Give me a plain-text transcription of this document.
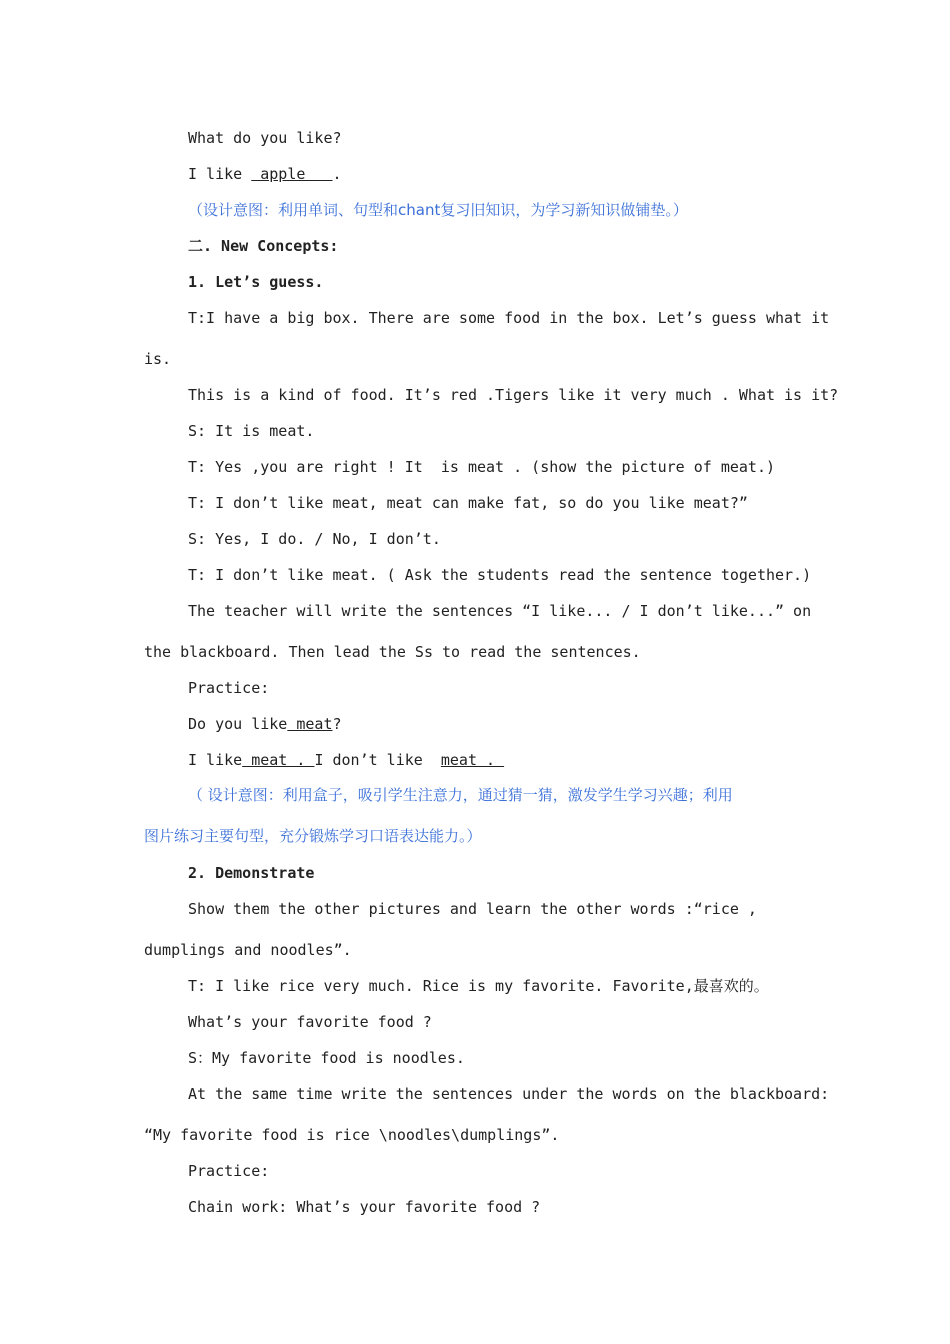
What do you like?
I like  apple   .
（设计意图：利用单词、句型和chant复习旧知识，为学习新知识做铺垫。）
二. New Concepts:
1. Let’s guess.
T:I have a big box. There are some food in the box. Let’s guess what it
is.
This is a kind of food. It’s red .Tigers like it very much . What is it?
S: It is meat.
T: Yes ,you are right ! It  is meat . (show the picture of meat.)
T: I don’t like meat, meat can make fat, so do you like meat?”
S: Yes, I do. / No, I don’t.
T: I don’t like meat. ( Ask the students read the sentence together.)
The teacher will write the sentences “I like... / I don’t like...” on
the blackboard. Then lead the Ss to read the sentences.
Practice:
Do you like meat?
I like meat . I don’t like  meat .
（ 设计意图：利用盒子，吸引学生注意力，通过猜一猜，激发学生学习兴趣；利用
图片练习主要句型，充分锻炼学习口语表达能力。）
2. Demonstrate
Show them the other pictures and learn the other words :“rice ,
dumplings and noodles”.
T: I like rice very much. Rice is my favorite. Favorite,最喜欢的。
What’s your favorite food ?
S：My favorite food is noodles.
At the same time write the sentences under the words on the blackboard:
“My favorite food is rice \noodles\dumplings”.
Practice:
Chain work: What’s your favorite food ?
